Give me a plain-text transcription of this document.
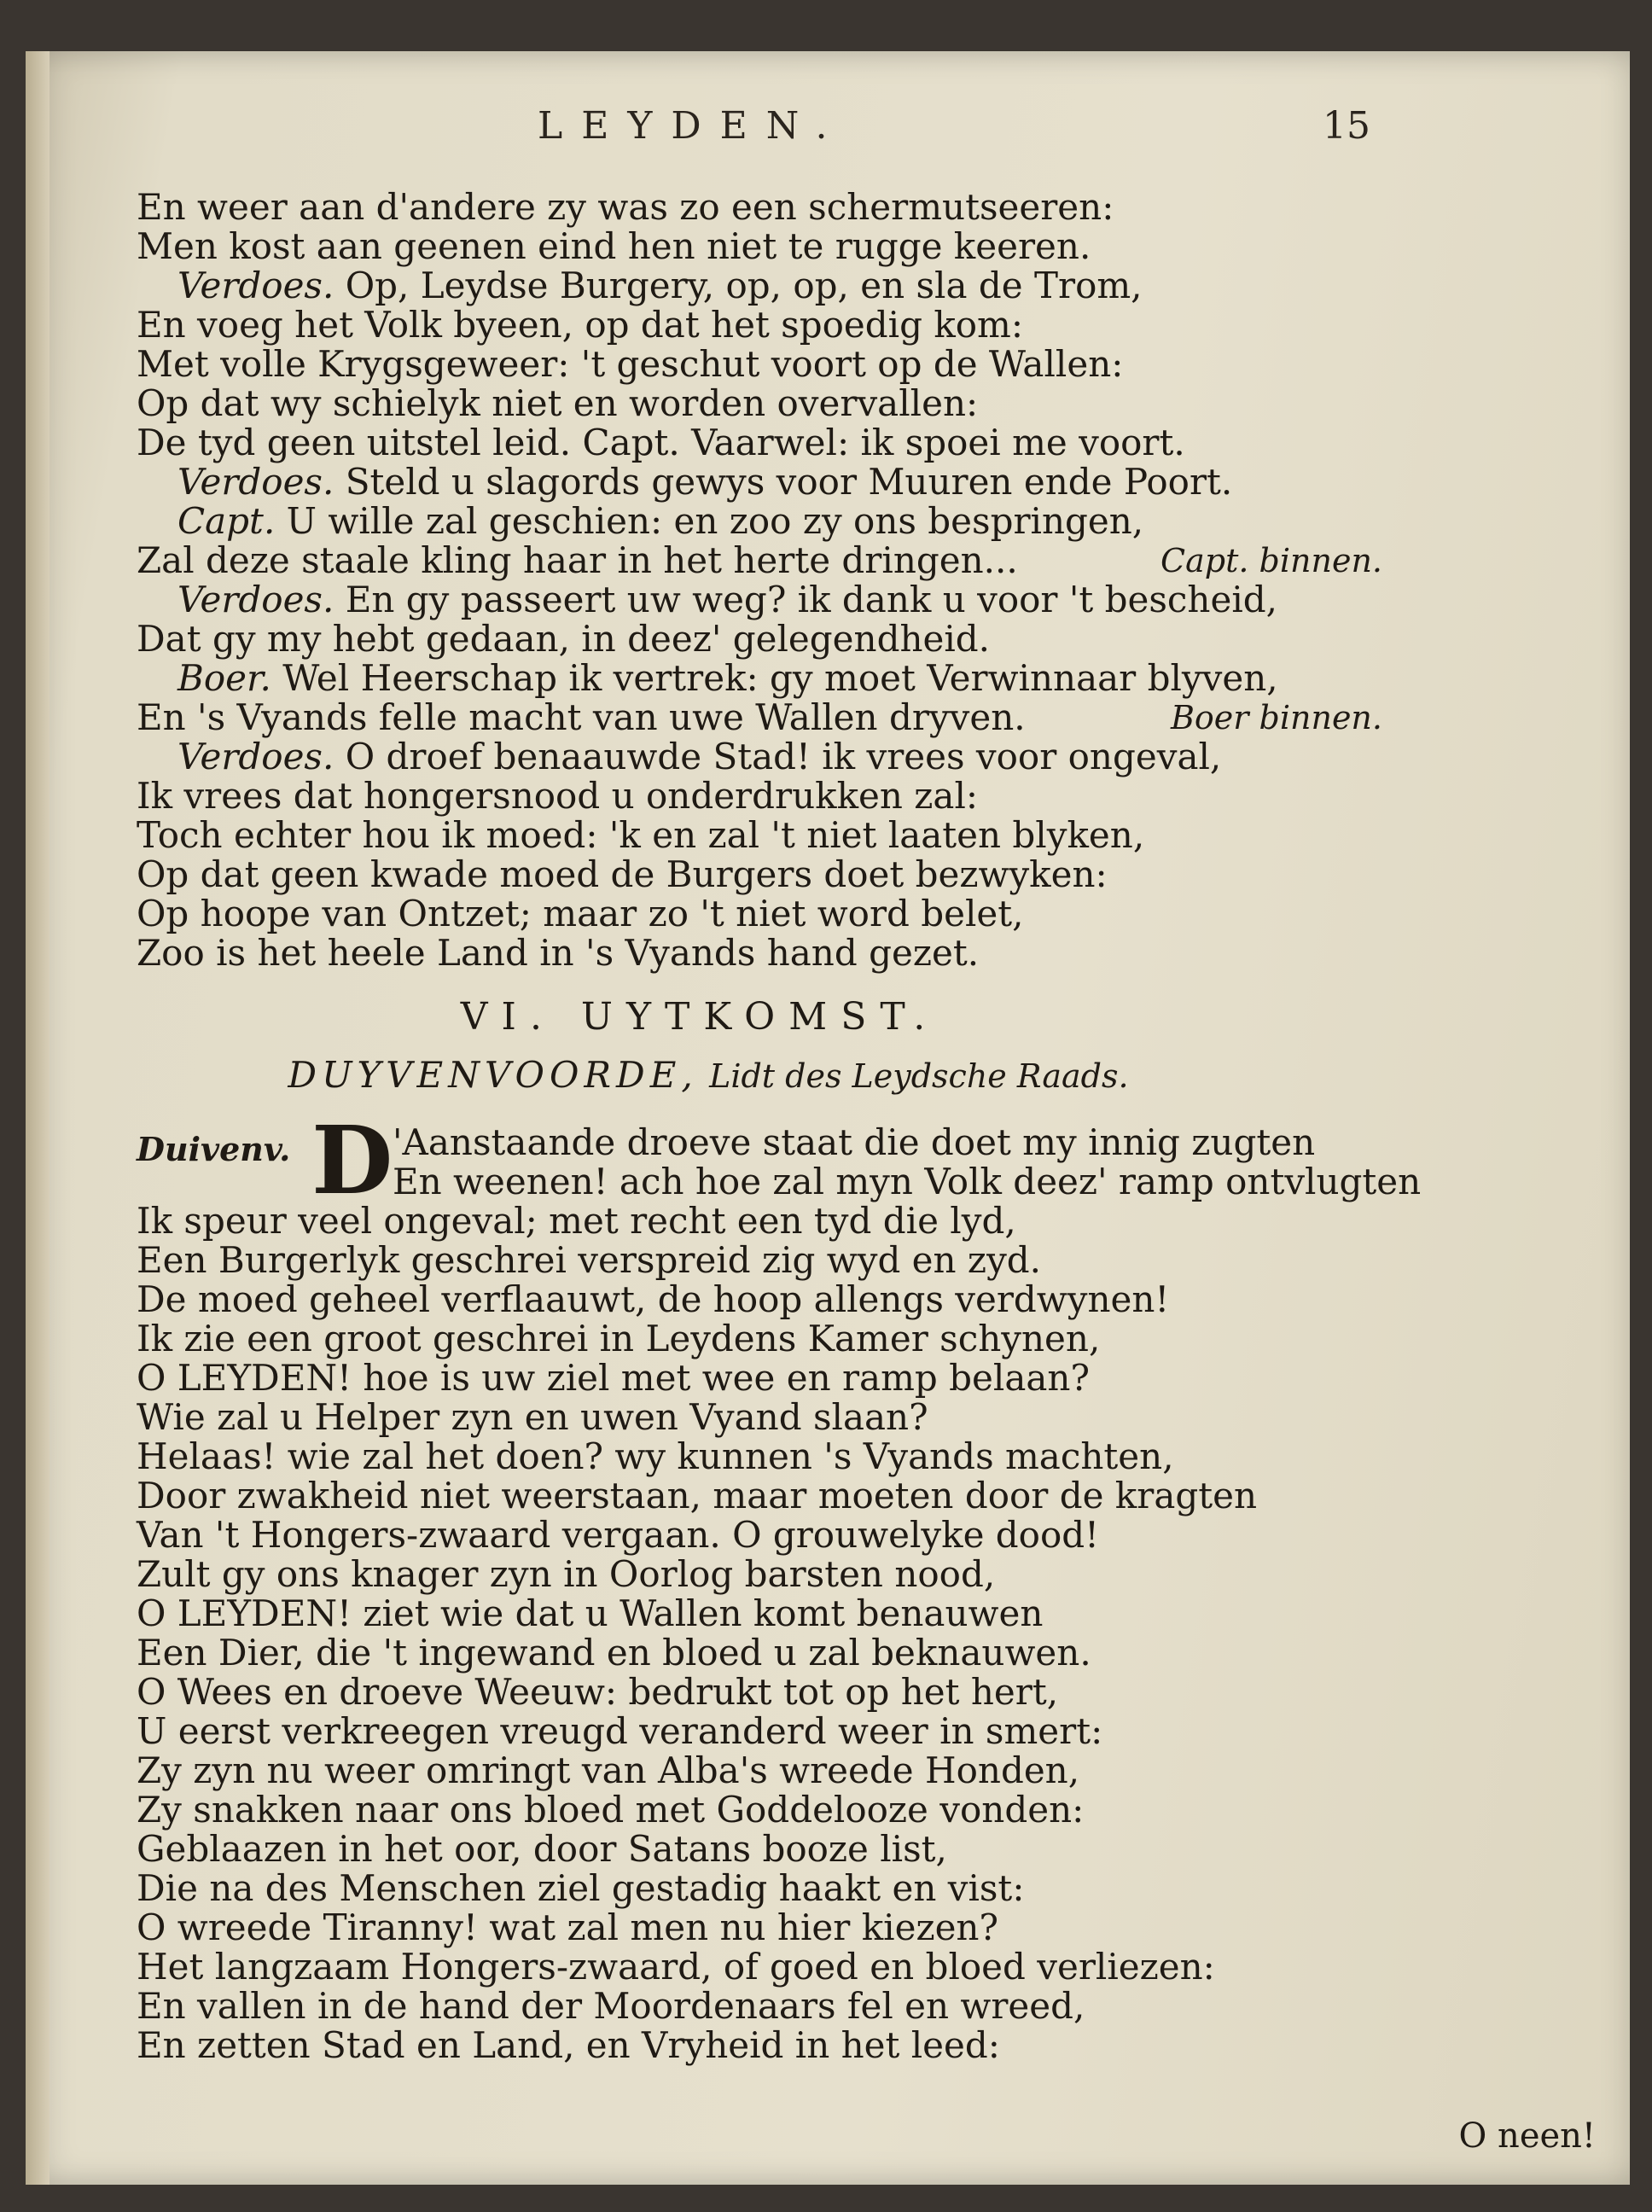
LEYDEN.	15
En weer aan d'andere zy was zo een schermutseeren:
Men kost aan geenen eind hen niet te rugge keeren.
Verdoes. Op, Leydse Burgery, op, op, en sla de Trom,
En voeg het Volk byeen, op dat het spoedig kom:
Met volle Krygsgeweer: 't geschut voort op de Wallen:
Op dat wy schielyk niet en worden overvallen:
De tyd geen uitstel leid. Capt. Vaarwel: ik spoei me voort.
Verdoes. Steld u slagords gewys voor Muuren ende Poort.
Capt. U wille zal geschien: en zoo zy ons bespringen,
Zal deze staale kling haar in het herte dringen...	Capt. binnen.
Verdoes. En gy passeert uw weg? ik dank u voor 't bescheid,
Dat gy my hebt gedaan, in deez' gelegendheid.
Boer. Wel Heerschap ik vertrek: gy moet Verwinnaar blyven,
En 's Vyands felle macht van uwe Wallen dryven.	Boer binnen.
Verdoes. O droef benaauwde Stad! ik vrees voor ongeval,
Ik vrees dat hongersnood u onderdrukken zal:
Toch echter hou ik moed: 'k en zal 't niet laaten blyken,
Op dat geen kwade moed de Burgers doet bezwyken:
Op hoope van Ontzet; maar zo 't niet word belet,
Zoo is het heele Land in 's Vyands hand gezet.
VI. UYTKOMST.
DUYVENVOORDE, Lidt des Leydsche Raads.
Duivenv. D 'Aanstaande droeve staat die doet my innig zugten
En weenen! ach hoe zal myn Volk deez' ramp ontvlugten
Ik speur veel ongeval; met recht een tyd die lyd,
Een Burgerlyk geschrei verspreid zig wyd en zyd.
De moed geheel verflaauwt, de hoop allengs verdwynen!
Ik zie een groot geschrei in Leydens Kamer schynen,
O LEYDEN! hoe is uw ziel met wee en ramp belaan?
Wie zal u Helper zyn en uwen Vyand slaan?
Helaas! wie zal het doen? wy kunnen 's Vyands machten,
Door zwakheid niet weerstaan, maar moeten door de kragten
Van 't Hongers-zwaard vergaan. O grouwelyke dood!
Zult gy ons knager zyn in Oorlog barsten nood,
O LEYDEN! ziet wie dat u Wallen komt benauwen
Een Dier, die 't ingewand en bloed u zal beknauwen.
O Wees en droeve Weeuw: bedrukt tot op het hert,
U eerst verkreegen vreugd veranderd weer in smert:
Zy zyn nu weer omringt van Alba's wreede Honden,
Zy snakken naar ons bloed met Goddelooze vonden:
Geblaazen in het oor, door Satans booze list,
Die na des Menschen ziel gestadig haakt en vist:
O wreede Tiranny! wat zal men nu hier kiezen?
Het langzaam Hongers-zwaard, of goed en bloed verliezen:
En vallen in de hand der Moordenaars fel en wreed,
En zetten Stad en Land, en Vryheid in het leed:
O neen!
